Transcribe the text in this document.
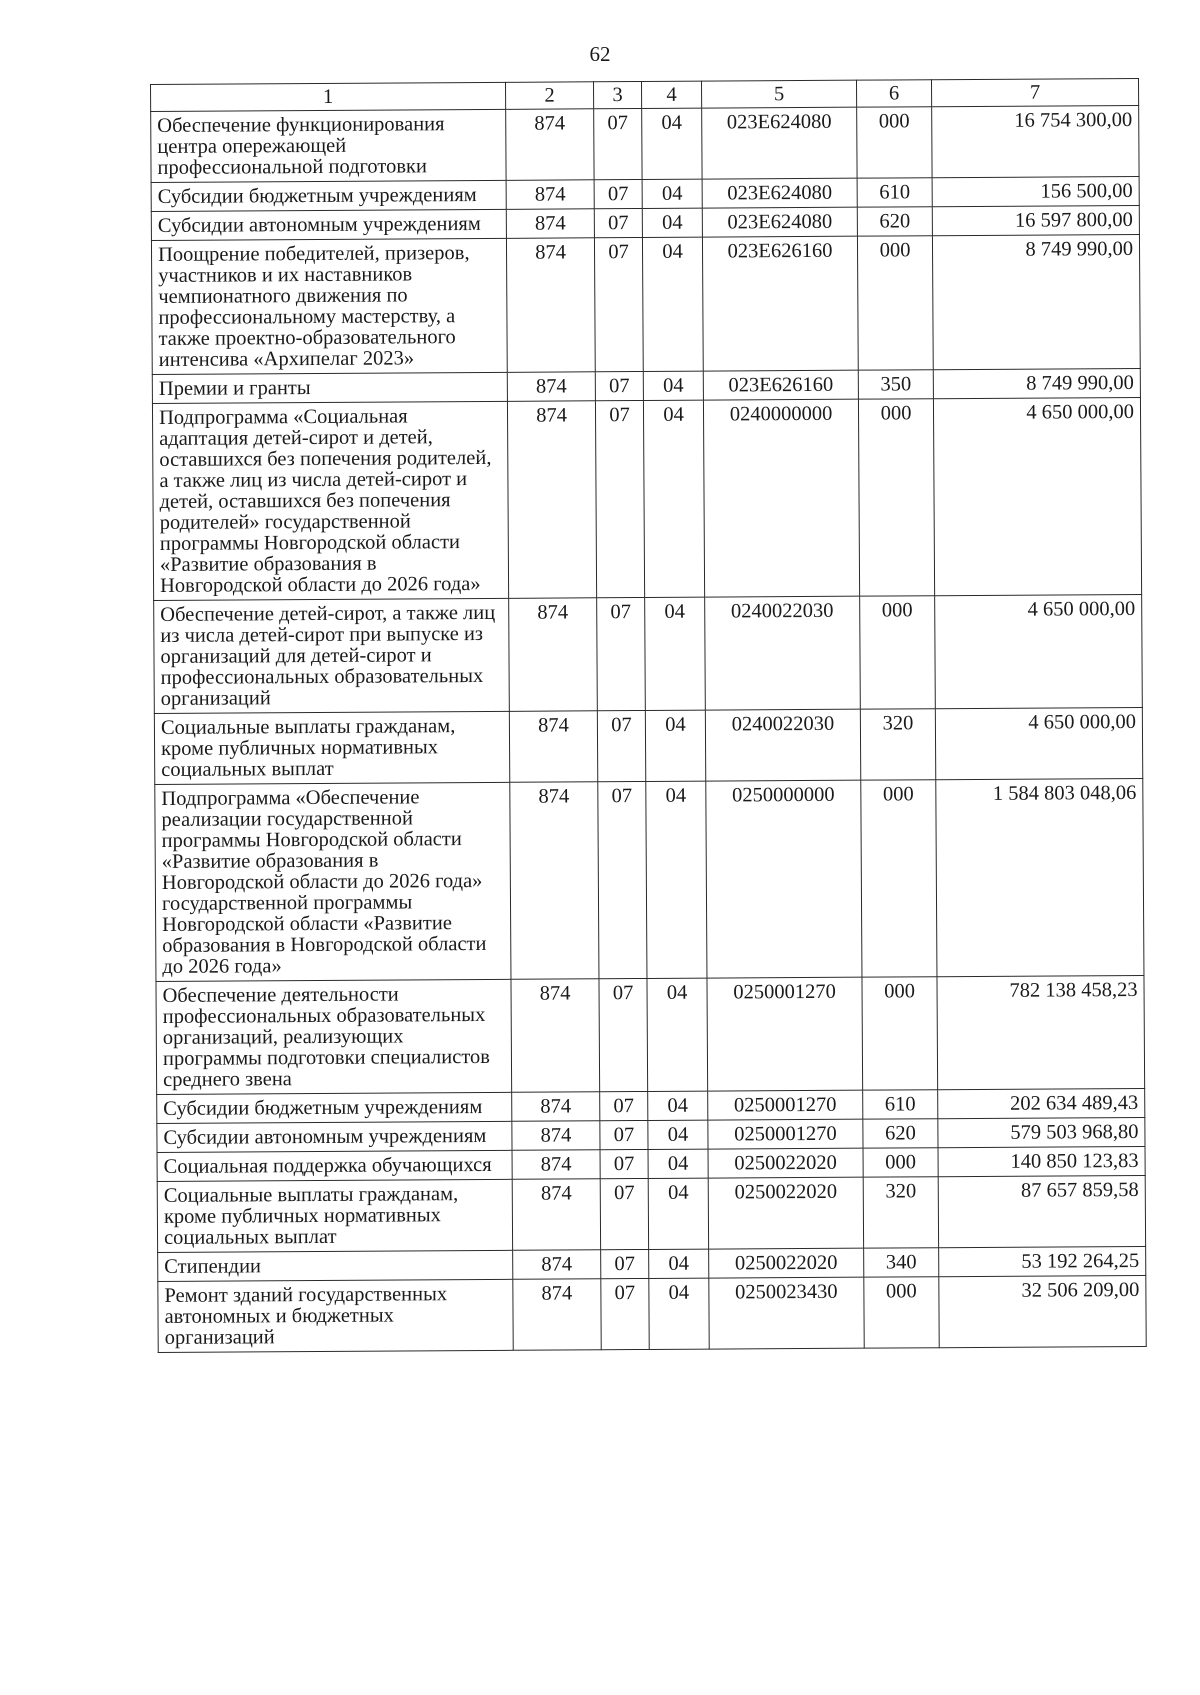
62
1	2	3	4	5	6	7
Обеспечение функционирования центра опережающей профессиональной подготовки	874	07	04	023E624080	000	16 754 300,00
Субсидии бюджетным учреждениям	874	07	04	023E624080	610	156 500,00
Субсидии автономным учреждениям	874	07	04	023E624080	620	16 597 800,00
Поощрение победителей, призеров, участников и их наставников чемпионатного движения по профессиональному мастерству, а также проектно-образовательного интенсива «Архипелаг 2023»	874	07	04	023E626160	000	8 749 990,00
Премии и гранты	874	07	04	023E626160	350	8 749 990,00
Подпрограмма «Социальная адаптация детей-сирот и детей, оставшихся без попечения родителей, а также лиц из числа детей-сирот и детей, оставшихся без попечения родителей» государственной программы Новгородской области «Развитие образования в Новгородской области до 2026 года»	874	07	04	0240000000	000	4 650 000,00
Обеспечение детей-сирот, а также лиц из числа детей-сирот при выпуске из организаций для детей-сирот и профессиональных образовательных организаций	874	07	04	0240022030	000	4 650 000,00
Социальные выплаты гражданам, кроме публичных нормативных социальных выплат	874	07	04	0240022030	320	4 650 000,00
Подпрограмма «Обеспечение реализации государственной программы Новгородской области «Развитие образования в Новгородской области до 2026 года» государственной программы Новгородской области «Развитие образования в Новгородской области до 2026 года»	874	07	04	0250000000	000	1 584 803 048,06
Обеспечение деятельности профессиональных образовательных организаций, реализующих программы подготовки специалистов среднего звена	874	07	04	0250001270	000	782 138 458,23
Субсидии бюджетным учреждениям	874	07	04	0250001270	610	202 634 489,43
Субсидии автономным учреждениям	874	07	04	0250001270	620	579 503 968,80
Социальная поддержка обучающихся	874	07	04	0250022020	000	140 850 123,83
Социальные выплаты гражданам, кроме публичных нормативных социальных выплат	874	07	04	0250022020	320	87 657 859,58
Стипендии	874	07	04	0250022020	340	53 192 264,25
Ремонт зданий государственных автономных и бюджетных организаций	874	07	04	0250023430	000	32 506 209,00
